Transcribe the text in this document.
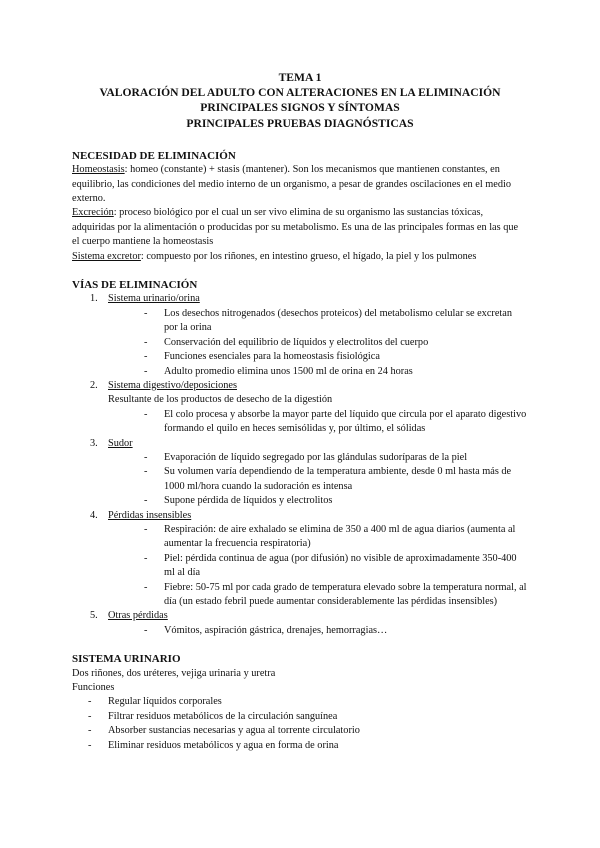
TEMA 1
VALORACIÓN DEL ADULTO CON ALTERACIONES EN LA ELIMINACIÓN
PRINCIPALES SIGNOS Y SÍNTOMAS
PRINCIPALES PRUEBAS DIAGNÓSTICAS
NECESIDAD DE ELIMINACIÓN

Homeostasis: homeo (constante) + stasis (mantener). Son los mecanismos que mantienen constantes, en equilibrio, las condiciones del medio interno de un organismo, a pesar de grandes oscilaciones en el medio externo.

Excreción: proceso biológico por el cual un ser vivo elimina de su organismo las sustancias tóxicas, adquiridas por la alimentación o producidas por su metabolismo. Es una de las principales formas en las que el cuerpo mantiene la homeostasis

Sistema excretor: compuesto por los riñones, en intestino grueso, el hígado, la piel y los pulmones

VÍAS DE ELIMINACIÓN
1. Sistema urinario/orina
- Los desechos nitrogenados (desechos proteicos) del metabolismo celular se excretan por la orina
- Conservación del equilibrio de líquidos y electrolitos del cuerpo
- Funciones esenciales para la homeostasis fisiológica
- Adulto promedio elimina unos 1500 ml de orina en 24 horas
2. Sistema digestivo/deposiciones
Resultante de los productos de desecho de la digestión
- El colo procesa y absorbe la mayor parte del líquido que circula por el aparato digestivo formando el quilo en heces semisólidas y, por último, el sólidas
3. Sudor
- Evaporación de líquido segregado por las glándulas sudoríparas de la piel
- Su volumen varía dependiendo de la temperatura ambiente, desde 0 ml hasta más de 1000 ml/hora cuando la sudoración es intensa
- Supone pérdida de líquidos y electrolitos
4. Pérdidas insensibles
- Respiración: de aire exhalado se elimina de 350 a 400 ml de agua diarios (aumenta al aumentar la frecuencia respiratoria)
- Piel: pérdida continua de agua (por difusión) no visible de aproximadamente 350-400 ml al día
- Fiebre: 50-75 ml por cada grado de temperatura elevado sobre la temperatura normal, al día (un estado febril puede aumentar considerablemente las pérdidas insensibles)
5. Otras pérdidas
- Vómitos, aspiración gástrica, drenajes, hemorragias…
SISTEMA URINARIO

Dos riñones, dos uréteres, vejiga urinaria y uretra

Funciones

- Regular líquidos corporales
- Filtrar residuos metabólicos de la circulación sanguínea
- Absorber sustancias necesarias y agua al torrente circulatorio
- Eliminar residuos metabólicos y agua en forma de orina
